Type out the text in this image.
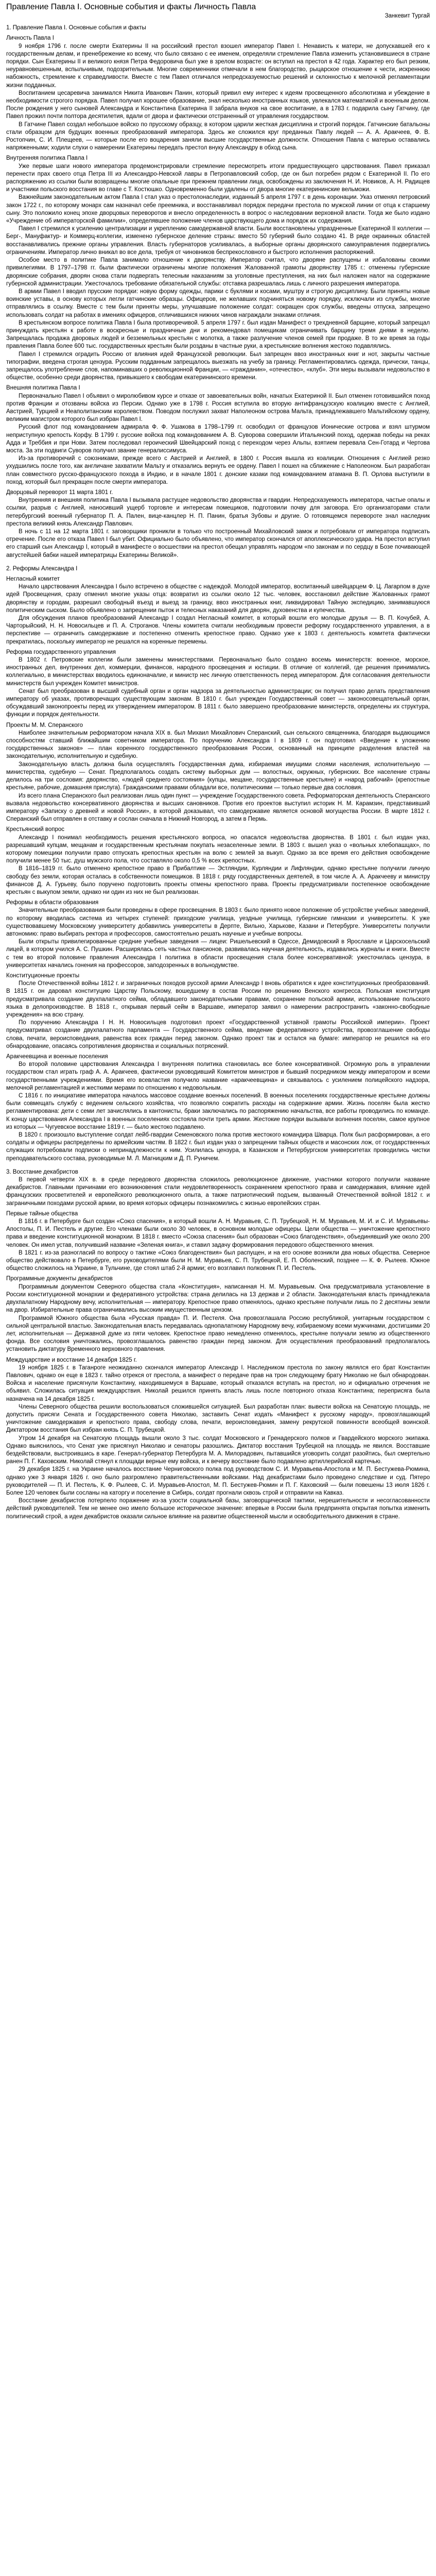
Правление Павла I. Основные события и факты Личность Павла
Занкевит Тургай

1. Правление Павла I. Основные события и факты

Личность Павла I

9 ноября 1796 г. после смерти Екатерины II на российский престол взошел император Павел I. Ненависть к матери, не допускавшей его к государственным делам, и пренебрежение ко всему, что было связано с ее именем, определяли стремление Павла изменить установившиеся в стране порядки. Сын Екатерины II и великого князя Петра Федоровича был уже в зрелом возрасте: он вступил на престол в 42 года. Характер его был резким, неуравновешенным, вспыльчивым, подозрительным. Многие современники отмечали в нем благородство, рыцарское отношение к чести, искреннюю набожность, стремление к справедливости. Вместе с тем Павел отличался непредсказуемостью решений и склонностью к мелочной регламентации жизни подданных.

Воспитанием цесаревича занимался Никита Иванович Панин, который привил ему интерес к идеям просвещенного абсолютизма и убеждение в необходимости строгого порядка. Павел получил хорошее образование, знал несколько иностранных языков, увлекался математикой и военным делом. После рождения у него сыновей Александра и Константина Екатерина II забрала внуков на свое воспитание, а в 1783 г. подарила сыну Гатчину, где Павел прожил почти полтора десятилетия, вдали от двора и фактически отстраненный от управления государством.

В Гатчине Павел создал небольшое войско по прусскому образцу, в котором царили жесткая дисциплина и строгий порядок. Гатчинские батальоны стали образцом для будущих военных преобразований императора. Здесь же сложился круг преданных Павлу людей — А. А. Аракчеев, Ф. В. Ростопчин, С. И. Плещеев, — которые после его воцарения заняли высшие государственные должности. Отношения Павла с матерью оставались напряженными; ходили слухи о намерении Екатерины передать престол внуку Александру в обход сына.

Внутренняя политика Павла I

Уже первые шаги нового императора продемонстрировали стремление пересмотреть итоги предшествующего царствования. Павел приказал перенести прах своего отца Петра III из Александро-Невской лавры в Петропавловский собор, где он был погребен рядом с Екатериной II. По его распоряжению из ссылки были возвращены многие опальные при прежнем правлении лица, освобождены из заключения Н. И. Новиков, А. Н. Радищев и участники польского восстания во главе с Т. Костюшко. Одновременно были удалены от двора многие екатерининские вельможи.

Важнейшим законодательным актом Павла I стал указ о престолонаследии, изданный 5 апреля 1797 г. в день коронации. Указ отменял петровский закон 1722 г., по которому монарх сам назначал себе преемника, и восстанавливал порядок передачи престола по мужской линии от отца к старшему сыну. Это положило конец эпохе дворцовых переворотов и внесло определенность в вопрос о наследовании верховной власти. Тогда же было издано «Учреждение об императорской фамилии», определявшее положение членов царствующего дома и порядок их содержания.

Павел I стремился к усилению централизации и укреплению самодержавной власти. Были восстановлены упраздненные Екатериной II коллегии — Берг-, Мануфактур- и Коммерц-коллегии, изменено губернское деление страны: вместо 50 губерний было создано 41. В ряде окраинных областей восстанавливались прежние органы управления. Власть губернаторов усиливалась, а выборные органы дворянского самоуправления подвергались ограничениям. Император лично вникал во все дела, требуя от чиновников беспрекословного и быстрого исполнения распоряжений.

Особое место в политике Павла занимало отношение к дворянству. Император считал, что дворяне распущены и избалованы своими привилегиями. В 1797–1798 гг. были фактически ограничены многие положения Жалованной грамоты дворянству 1785 г.: отменены губернские дворянские собрания, дворян снова стали подвергать телесным наказаниям за уголовные преступления, на них был наложен налог на содержание губернской администрации. Ужесточалось требование обязательной службы: отставка разрешалась лишь с личного разрешения императора.

В армии Павел I вводил прусские порядки: новую форму одежды, парики с буклями и косами, муштру и строгую дисциплину. Были приняты новые воинские уставы, в основу которых легли гатчинские образцы. Офицеров, не желавших подчиняться новому порядку, исключали из службы, многие отправлялись в ссылку. Вместе с тем были приняты меры, улучшавшие положение солдат: сокращен срок службы, введены отпуска, запрещено использовать солдат на работах в имениях офицеров, отличившихся нижних чинов награждали знаками отличия.

В крестьянском вопросе политика Павла I была противоречивой. 5 апреля 1797 г. был издан Манифест о трехдневной барщине, который запрещал принуждать крестьян к работе в воскресные и праздничные дни и рекомендовал помещикам ограничивать барщину тремя днями в неделю. Запрещалась продажа дворовых людей и безземельных крестьян с молотка, а также разлучение членов семей при продаже. В то же время за годы правления Павла более 600 тыс. государственных крестьян были розданы в частные руки, а крестьянские волнения жестоко подавлялись.

Павел I стремился оградить Россию от влияния идей Французской революции. Был запрещен ввоз иностранных книг и нот, закрыты частные типографии, введена строгая цензура. Русским подданным запрещалось выезжать на учебу за границу. Регламентировались одежда, прически, танцы, запрещалось употребление слов, напоминавших о революционной Франции, — «гражданин», «отечество», «клуб». Эти меры вызывали недовольство в обществе, особенно среди дворянства, привыкшего к свободам екатерининского времени.

Внешняя политика Павла I

Первоначально Павел I объявил о миролюбивом курсе и отказе от завоевательных войн, начатых Екатериной II. Был отменен готовившийся поход против Франции и отозваны войска из Персии. Однако уже в 1798 г. Россия вступила во вторую антифранцузскую коалицию вместе с Англией, Австрией, Турцией и Неаполитанским королевством. Поводом послужил захват Наполеоном острова Мальта, принадлежавшего Мальтийскому ордену, великим магистром которого был избран Павел I.

Русский флот под командованием адмирала Ф. Ф. Ушакова в 1798–1799 гг. освободил от французов Ионические острова и взял штурмом неприступную крепость Корфу. В 1799 г. русские войска под командованием А. В. Суворова совершили Итальянский поход, одержав победы на реках Адда и Треббия и при Нови. Затем последовал героический Швейцарский поход с переходом через Альпы, взятием перевала Сен-Готард и Чертова моста. За эти подвиги Суворов получил звание генералиссимуса.

Из-за противоречий с союзниками, прежде всего с Австрией и Англией, в 1800 г. Россия вышла из коалиции. Отношения с Англией резко ухудшились после того, как англичане захватили Мальту и отказались вернуть ее ордену. Павел I пошел на сближение с Наполеоном. Был разработан план совместного русско-французского похода в Индию, и в начале 1801 г. донские казаки под командованием атамана В. П. Орлова выступили в поход, который был прекращен после смерти императора.

Дворцовый переворот 11 марта 1801 г.

Внутренняя и внешняя политика Павла I вызывала растущее недовольство дворянства и гвардии. Непредсказуемость императора, частые опалы и ссылки, разрыв с Англией, наносивший ущерб торговле и интересам помещиков, подготовили почву для заговора. Его организаторами стали петербургский военный губернатор П. А. Пален, вице-канцлер Н. П. Панин, братья Зубовы и другие. О готовящемся перевороте знал наследник престола великий князь Александр Павлович.

В ночь с 11 на 12 марта 1801 г. заговорщики проникли в только что построенный Михайловский замок и потребовали от императора подписать отречение. После его отказа Павел I был убит. Официально было объявлено, что император скончался от апоплексического удара. На престол вступил его старший сын Александр I, который в манифесте о восшествии на престол обещал управлять народом «по законам и по сердцу в Бозе почивающей августейшей бабки нашей императрицы Екатерины Великой».

2. Реформы Александра I

Негласный комитет

Начало царствования Александра I было встречено в обществе с надеждой. Молодой император, воспитанный швейцарцем Ф. Ц. Лагарпом в духе идей Просвещения, сразу отменил многие указы отца: возвратил из ссылки около 12 тыс. человек, восстановил действие Жалованных грамот дворянству и городам, разрешил свободный въезд и выезд за границу, ввоз иностранных книг, ликвидировал Тайную экспедицию, занимавшуюся политическим сыском. Было объявлено о запрещении пыток и телесных наказаний для дворян, духовенства и купечества.

Для обсуждения планов преобразований Александр I создал Негласный комитет, в который вошли его молодые друзья — В. П. Кочубей, А. Чарторыйский, Н. Н. Новосильцев и П. А. Строганов. Члены комитета считали необходимым провести реформу государственного управления, а в перспективе — ограничить самодержавие и постепенно отменить крепостное право. Однако уже к 1803 г. деятельность комитета фактически прекратилась, поскольку император не решался на коренные перемены.

Реформа государственного управления

В 1802 г. Петровские коллегии были заменены министерствами. Первоначально было создано восемь министерств: военное, морское, иностранных дел, внутренних дел, коммерции, финансов, народного просвещения и юстиции. В отличие от коллегий, где решения принимались коллегиально, в министерствах вводилось единоначалие, и министр нес личную ответственность перед императором. Для согласования деятельности министерств был учрежден Комитет министров.

Сенат был преобразован в высший судебный орган и орган надзора за деятельностью администрации; он получил право делать представления императору об указах, противоречащих существующим законам. В 1810 г. был учрежден Государственный совет — законосовещательный орган, обсуждавший законопроекты перед их утверждением императором. В 1811 г. было завершено преобразование министерств, определены их структура, функции и порядок деятельности.

Проекты М. М. Сперанского

Наиболее значительным реформатором начала XIX в. был Михаил Михайлович Сперанский, сын сельского священника, благодаря выдающимся способностям ставший ближайшим советником императора. По поручению Александра I в 1809 г. он подготовил «Введение к уложению государственных законов» — план коренного государственного преобразования России, основанный на принципе разделения властей на законодательную, исполнительную и судебную.

Законодательную власть должна была осуществлять Государственная дума, избираемая имущими слоями населения, исполнительную — министерства, судебную — Сенат. Предполагалось создать систему выборных дум — волостных, окружных, губернских. Все население страны делилось на три сословия: дворянство, «людей среднего состояния» (купцы, мещане, государственные крестьяне) и «народ рабочий» (крепостные крестьяне, рабочие, домашняя прислуга). Гражданскими правами обладали все, политическими — только первые два сословия.

Из всего плана Сперанского был реализован лишь один пункт — учреждение Государственного совета. Реформаторская деятельность Сперанского вызвала недовольство консервативного дворянства и высших сановников. Против его проектов выступил историк Н. М. Карамзин, представивший императору «Записку о древней и новой России», в которой доказывал, что самодержавие является основой могущества России. В марте 1812 г. Сперанский был отправлен в отставку и сослан сначала в Нижний Новгород, а затем в Пермь.

Крестьянский вопрос

Александр I понимал необходимость решения крестьянского вопроса, но опасался недовольства дворянства. В 1801 г. был издан указ, разрешавший купцам, мещанам и государственным крестьянам покупать незаселенные земли. В 1803 г. вышел указ о «вольных хлебопашцах», по которому помещики получили право отпускать крепостных крестьян на волю с землей за выкуп. Однако за все время его действия освобождение получили менее 50 тыс. душ мужского пола, что составляло около 0,5 % всех крепостных.

В 1816–1819 гг. было отменено крепостное право в Прибалтике — Эстляндии, Курляндии и Лифляндии, однако крестьяне получили личную свободу без земли, которая осталась в собственности помещиков. В 1818 г. ряду государственных деятелей, в том числе А. А. Аракчееву и министру финансов Д. А. Гурьеву, было поручено подготовить проекты отмены крепостного права. Проекты предусматривали постепенное освобождение крестьян с выкупом земли, однако ни один из них не был реализован.

Реформы в области образования

Значительные преобразования были проведены в сфере просвещения. В 1803 г. было принято новое положение об устройстве учебных заведений, по которому вводилась система из четырех ступеней: приходские училища, уездные училища, губернские гимназии и университеты. К уже существовавшему Московскому университету добавились университеты в Дерпте, Вильно, Харькове, Казани и Петербурге. Университеты получили автономию: право выбирать ректора и профессоров, самостоятельно решать научные и учебные вопросы.

Были открыты привилегированные средние учебные заведения — лицеи: Ришельевский в Одессе, Демидовский в Ярославле и Царскосельский лицей, в котором учился А. С. Пушкин. Расширялась сеть частных пансионов, развивалась научная деятельность, издавались журналы и книги. Вместе с тем во второй половине правления Александра I политика в области просвещения стала более консервативной: ужесточилась цензура, в университетах начались гонения на профессоров, заподозренных в вольнодумстве.

Конституционные проекты

После Отечественной войны 1812 г. и заграничных походов русской армии Александр I вновь обратился к идее конституционных преобразований. В 1815 г. он даровал конституцию Царству Польскому, вошедшему в состав России по решению Венского конгресса. Польская конституция предусматривала создание двухпалатного сейма, обладавшего законодательными правами, сохранение польской армии, использование польского языка в делопроизводстве. В 1818 г., открывая первый сейм в Варшаве, император заявил о намерении распространить «законно-свободные учреждения» на всю страну.

По поручению Александра I Н. Н. Новосильцев подготовил проект «Государственной уставной грамоты Российской империи». Проект предусматривал создание двухпалатного парламента — Государственного сейма, введение федеративного устройства, провозглашение свободы слова, печати, вероисповедания, равенства всех граждан перед законом. Однако проект так и остался на бумаге: император не решился на его обнародование, опасаясь сопротивления дворянства и социальных потрясений.

Аракчеевщина и военные поселения

Во второй половине царствования Александра I внутренняя политика становилась все более консервативной. Огромную роль в управлении государством стал играть граф А. А. Аракчеев, фактически руководивший Комитетом министров и бывший посредником между императором и всеми государственными учреждениями. Время его всевластия получило название «аракчеевщина» и связывалось с усилением полицейского надзора, мелочной регламентацией и жесткими мерами по отношению к недовольным.

С 1816 г. по инициативе императора началось массовое создание военных поселений. В военных поселениях государственные крестьяне должны были совмещать службу с ведением сельского хозяйства, что позволяло сократить расходы на содержание армии. Жизнь поселян была жестко регламентирована: дети с семи лет зачислялись в кантонисты, браки заключались по распоряжению начальства, все работы проводились по команде. К концу царствования Александра I в военных поселениях состояла почти треть армии. Жестокие порядки вызывали волнения поселян, самое крупное из которых — Чугуевское восстание 1819 г. — было жестоко подавлено.

В 1820 г. произошло выступление солдат лейб-гвардии Семеновского полка против жестокого командира Шварца. Полк был расформирован, а его солдаты и офицеры распределены по армейским частям. В 1822 г. был издан указ о запрещении тайных обществ и масонских лож, от государственных служащих потребовали подписки о непринадлежности к ним. Усилилась цензура, в Казанском и Петербургском университетах проводились чистки преподавательского состава, руководимые М. Л. Магницким и Д. П. Руничем.

3. Восстание декабристов

В первой четверти XIX в. в среде передового дворянства сложилось революционное движение, участники которого получили название декабристов. Главными причинами его возникновения стали неудовлетворенность сохранением крепостного права и самодержавия, влияние идей французских просветителей и европейского революционного опыта, а также патриотический подъем, вызванный Отечественной войной 1812 г. и заграничными походами русской армии, во время которых офицеры познакомились с жизнью европейских стран.

Первые тайные общества

В 1816 г. в Петербурге был создан «Союз спасения», в который вошли А. Н. Муравьев, С. П. Трубецкой, Н. М. Муравьев, М. И. и С. И. Муравьевы-Апостолы, П. И. Пестель и другие. Его членами были около 30 человек, в основном молодые офицеры. Цели общества — уничтожение крепостного права и введение конституционной монархии. В 1818 г. вместо «Союза спасения» был образован «Союз благоденствия», объединявший уже около 200 человек. Он имел устав, получивший название «Зеленая книга», и ставил задачу формирования передового общественного мнения.

В 1821 г. из-за разногласий по вопросу о тактике «Союз благоденствия» был распущен, и на его основе возникли два новых общества. Северное общество действовало в Петербурге, его руководителями были Н. М. Муравьев, С. П. Трубецкой, Е. П. Оболенский, позднее — К. Ф. Рылеев. Южное общество сложилось на Украине, в Тульчине, где стоял штаб 2-й армии; его возглавил полковник П. И. Пестель.

Программные документы декабристов

Программным документом Северного общества стала «Конституция», написанная Н. М. Муравьевым. Она предусматривала установление в России конституционной монархии и федеративного устройства: страна делилась на 13 держав и 2 области. Законодательная власть принадлежала двухпалатному Народному вечу, исполнительная — императору. Крепостное право отменялось, однако крестьяне получали лишь по 2 десятины земли на двор. Избирательные права ограничивались высоким имущественным цензом.

Программой Южного общества была «Русская правда» П. И. Пестеля. Она провозглашала Россию республикой, унитарным государством с сильной центральной властью. Законодательная власть передавалась однопалатному Народному вечу, избираемому всеми мужчинами, достигшими 20 лет, исполнительная — Державной думе из пяти человек. Крепостное право немедленно отменялось, крестьяне получали землю из общественного фонда. Все сословия уничтожались, провозглашалось равенство граждан перед законом. Для осуществления преобразований предполагалось установить диктатуру Временного верховного правления.

Междуцарствие и восстание 14 декабря 1825 г.

19 ноября 1825 г. в Таганроге неожиданно скончался император Александр I. Наследником престола по закону являлся его брат Константин Павлович, однако он еще в 1823 г. тайно отрекся от престола, а манифест о передаче прав на трон следующему брату Николаю не был обнародован. Войска и население присягнули Константину, находившемуся в Варшаве, который отказался вступать на престол, но и официально отречения не объявил. Сложилась ситуация междуцарствия. Николай решился принять власть лишь после повторного отказа Константина; переприсяга была назначена на 14 декабря 1825 г.

Члены Северного общества решили воспользоваться сложившейся ситуацией. Был разработан план: вывести войска на Сенатскую площадь, не допустить присяги Сената и Государственного совета Николаю, заставить Сенат издать «Манифест к русскому народу», провозглашающий уничтожение самодержавия и крепостного права, свободу слова, печати, вероисповедания, замену рекрутской повинности всеобщей воинской. Диктатором восстания был избран князь С. П. Трубецкой.

Утром 14 декабря на Сенатскую площадь вышли около 3 тыс. солдат Московского и Гренадерского полков и Гвардейского морского экипажа. Однако выяснилось, что Сенат уже присягнул Николаю и сенаторы разошлись. Диктатор восстания Трубецкой на площадь не явился. Восставшие бездействовали, выстроившись в каре. Генерал-губернатор Петербурга М. А. Милорадович, пытавшийся уговорить солдат разойтись, был смертельно ранен П. Г. Каховским. Николай стянул к площади верные ему войска, и к вечеру восстание было подавлено артиллерийской картечью.

29 декабря 1825 г. на Украине началось восстание Черниговского полка под руководством С. И. Муравьева-Апостола и М. П. Бестужева-Рюмина, однако уже 3 января 1826 г. оно было разгромлено правительственными войсками. Над декабристами было проведено следствие и суд. Пятеро руководителей — П. И. Пестель, К. Ф. Рылеев, С. И. Муравьев-Апостол, М. П. Бестужев-Рюмин и П. Г. Каховский — были повешены 13 июля 1826 г. Более 120 человек были сосланы на каторгу и поселение в Сибирь, солдат прогнали сквозь строй и отправили на Кавказ.

Восстание декабристов потерпело поражение из-за узости социальной базы, заговорщической тактики, нерешительности и несогласованности действий руководителей. Тем не менее оно имело большое историческое значение: впервые в России была предпринята открытая попытка изменить политический строй, а идеи декабристов оказали сильное влияние на развитие общественной мысли и освободительного движения в стране.
